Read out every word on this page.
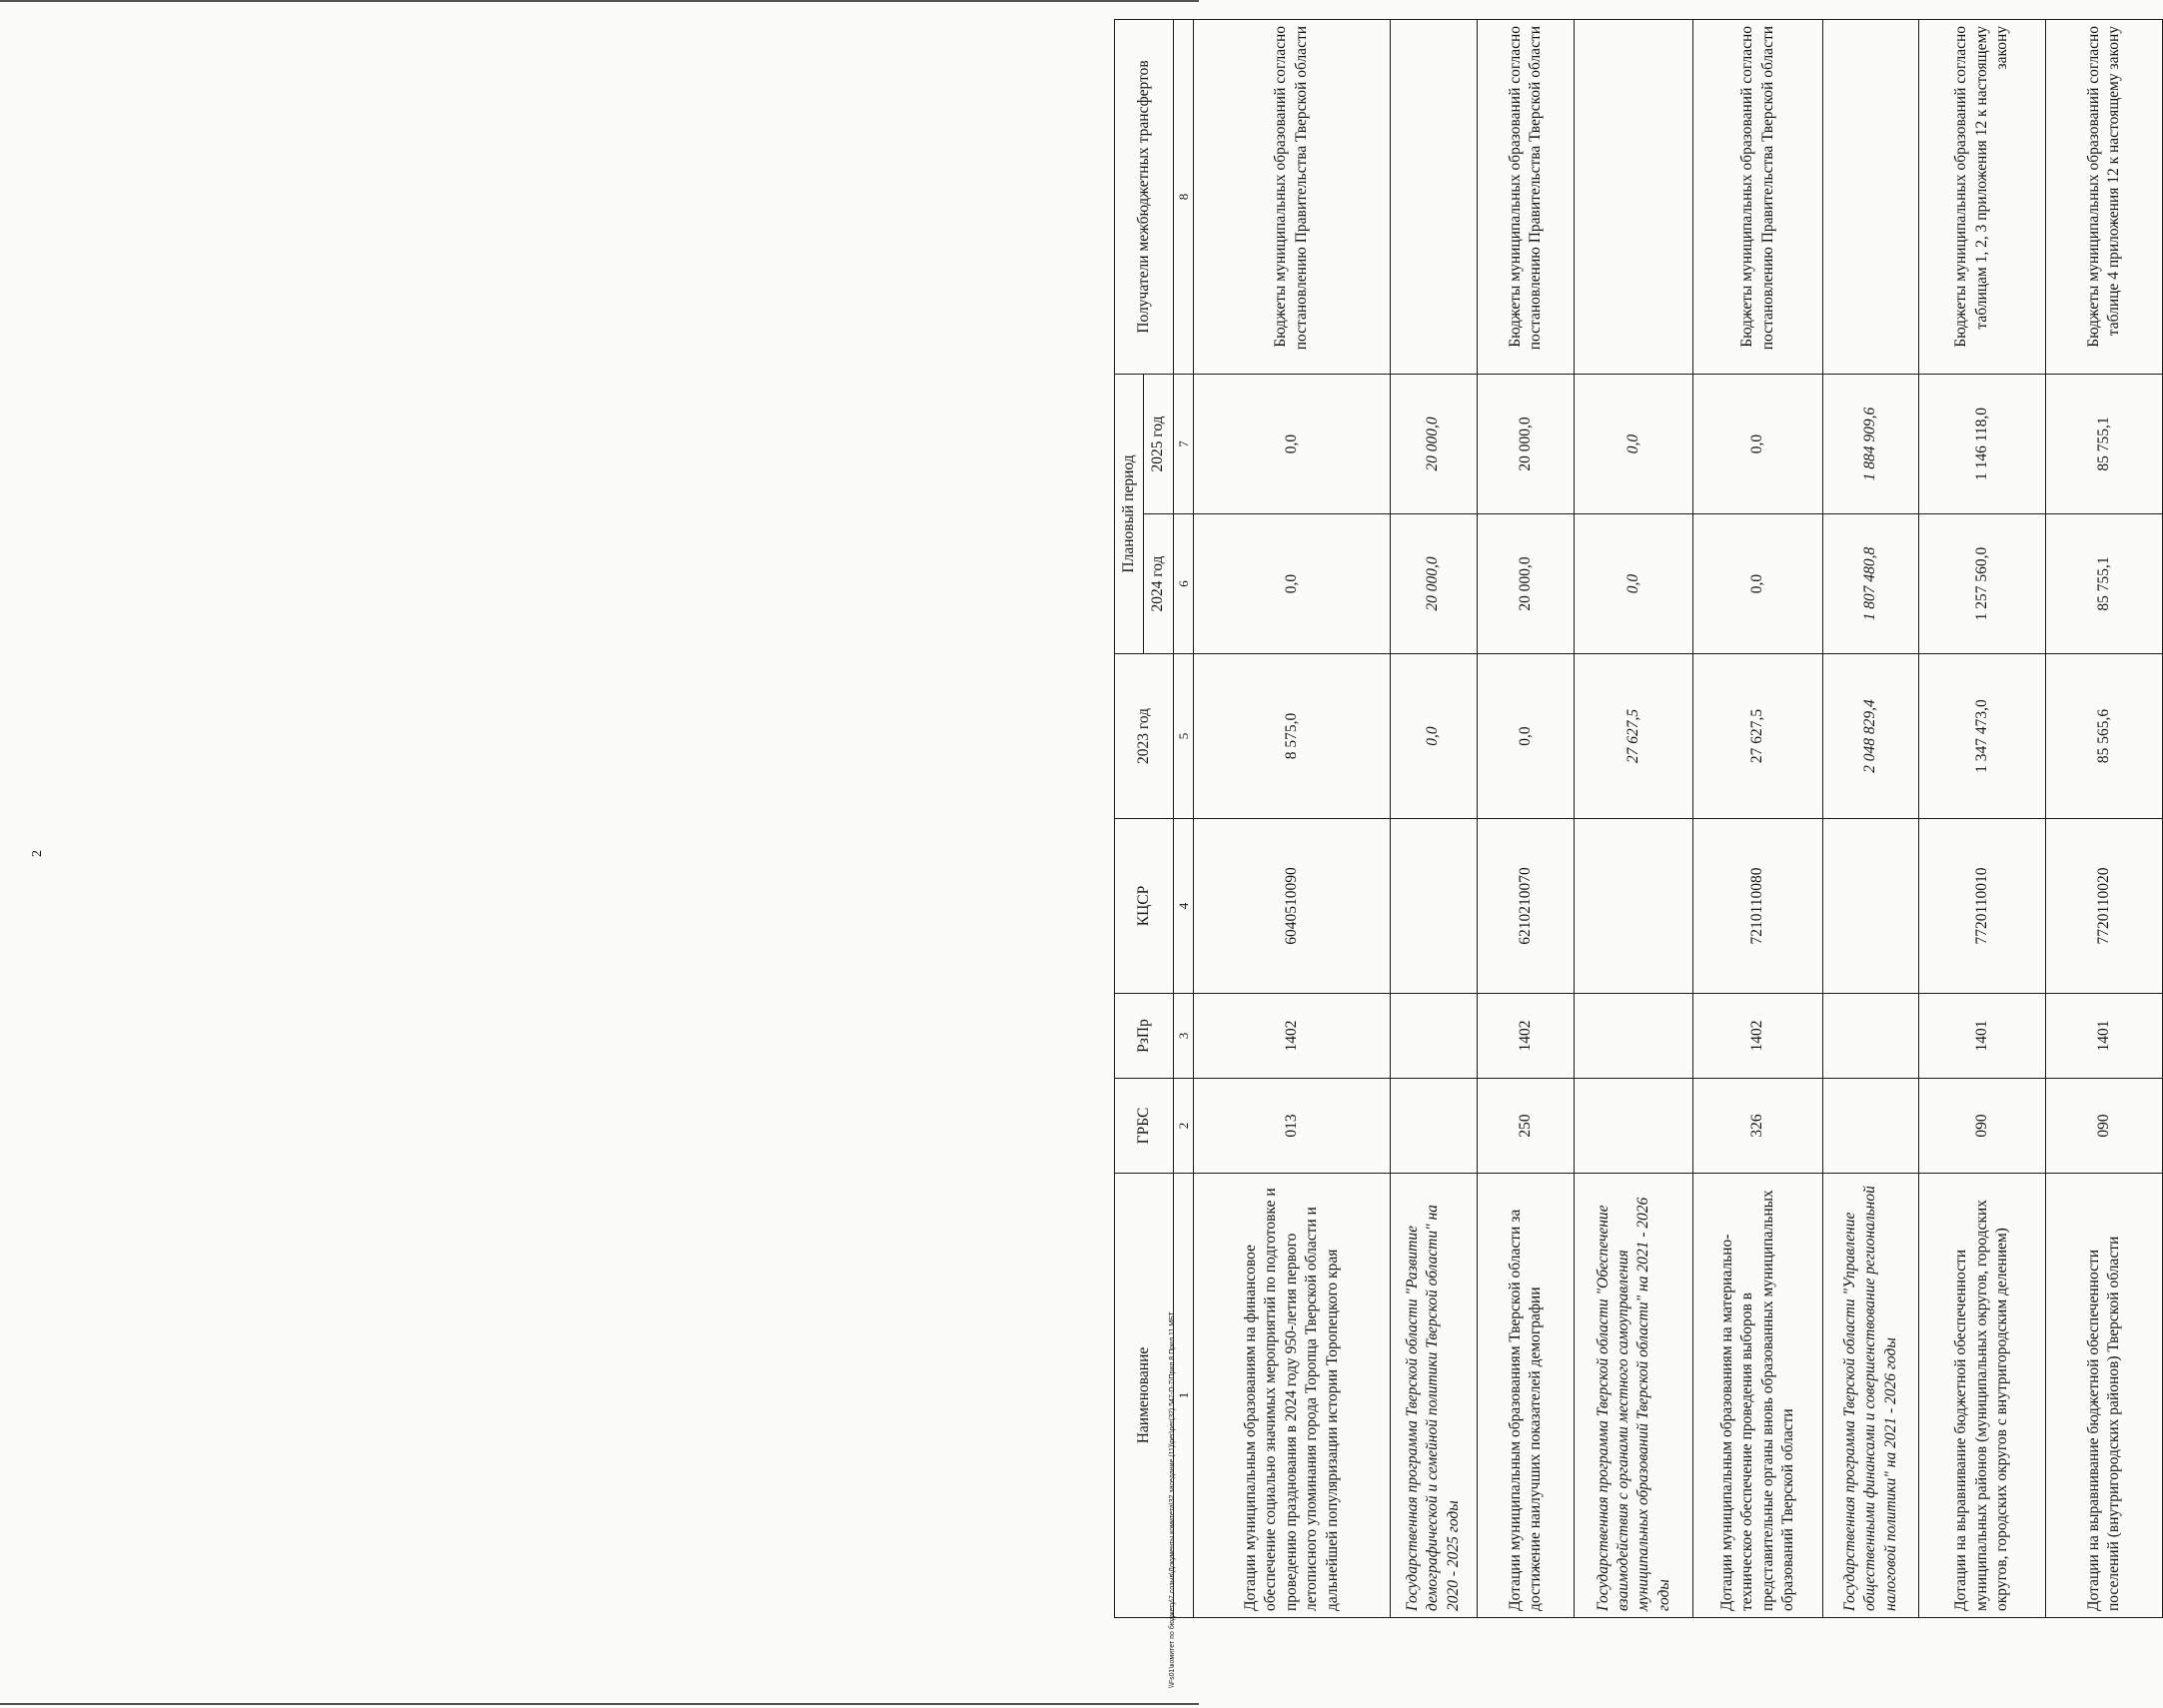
2
\\Fs01\комитет по бюджету\7 созыв\Документы комитета\32 заседание (11)\рег\рег(32) 547-П-7\Прил 8 Прил 11 МБТ
Наименование	ГРБС	РзПр	КЦСР	2023 год	Плановый период		Получатели межбюджетных трансфертов
					2024 год	2025 год	
1	2	3	4	5	6	7	8
Дотации муниципальным образованиям на финансовое обеспечение социально значимых мероприятий по подготовке и проведению празднования в 2024 году 950-летия первого летописного упоминания города Торопца Тверской области и дальнейшей популяризации истории Торопецкого края	013	1402	6040510090	8 575,0	0,0	0,0	Бюджеты муниципальных образований согласно постановлению Правительства Тверской области
Государственная программа Тверской области "Развитие демографической и семейной политики Тверской области" на 2020 - 2025 годы				0,0	20 000,0	20 000,0	
Дотации муниципальным образованиям Тверской области за достижение наилучших показателей демографии	250	1402	6210210070	0,0	20 000,0	20 000,0	Бюджеты муниципальных образований согласно постановлению Правительства Тверской области
Государственная программа Тверской области "Обеспечение взаимодействия с органами местного самоуправления муниципальных образований Тверской области" на 2021 - 2026 годы				27 627,5	0,0	0,0	
Дотации муниципальным образованиям на материально-техническое обеспечение проведения выборов в представительные органы вновь образованных муниципальных образований Тверской области	326	1402	7210110080	27 627,5	0,0	0,0	Бюджеты муниципальных образований согласно постановлению Правительства Тверской области
Государственная программа Тверской области "Управление общественными финансами и совершенствование региональной налоговой политики" на 2021 - 2026 годы				2 048 829,4	1 807 480,8	1 884 909,6	
Дотации на выравнивание бюджетной обеспеченности муниципальных районов (муниципальных округов, городских округов, городских округов с внутригородским делением)	090	1401	7720110010	1 347 473,0	1 257 560,0	1 146 118,0	Бюджеты муниципальных образований согласно таблицам 1, 2, 3 приложения 12 к настоящему закону
Дотации на выравнивание бюджетной обеспеченности поселений (внутригородских районов) Тверской области	090	1401	7720110020	85 565,6	85 755,1	85 755,1	Бюджеты муниципальных образований согласно таблице 4 приложения 12 к настоящему закону
